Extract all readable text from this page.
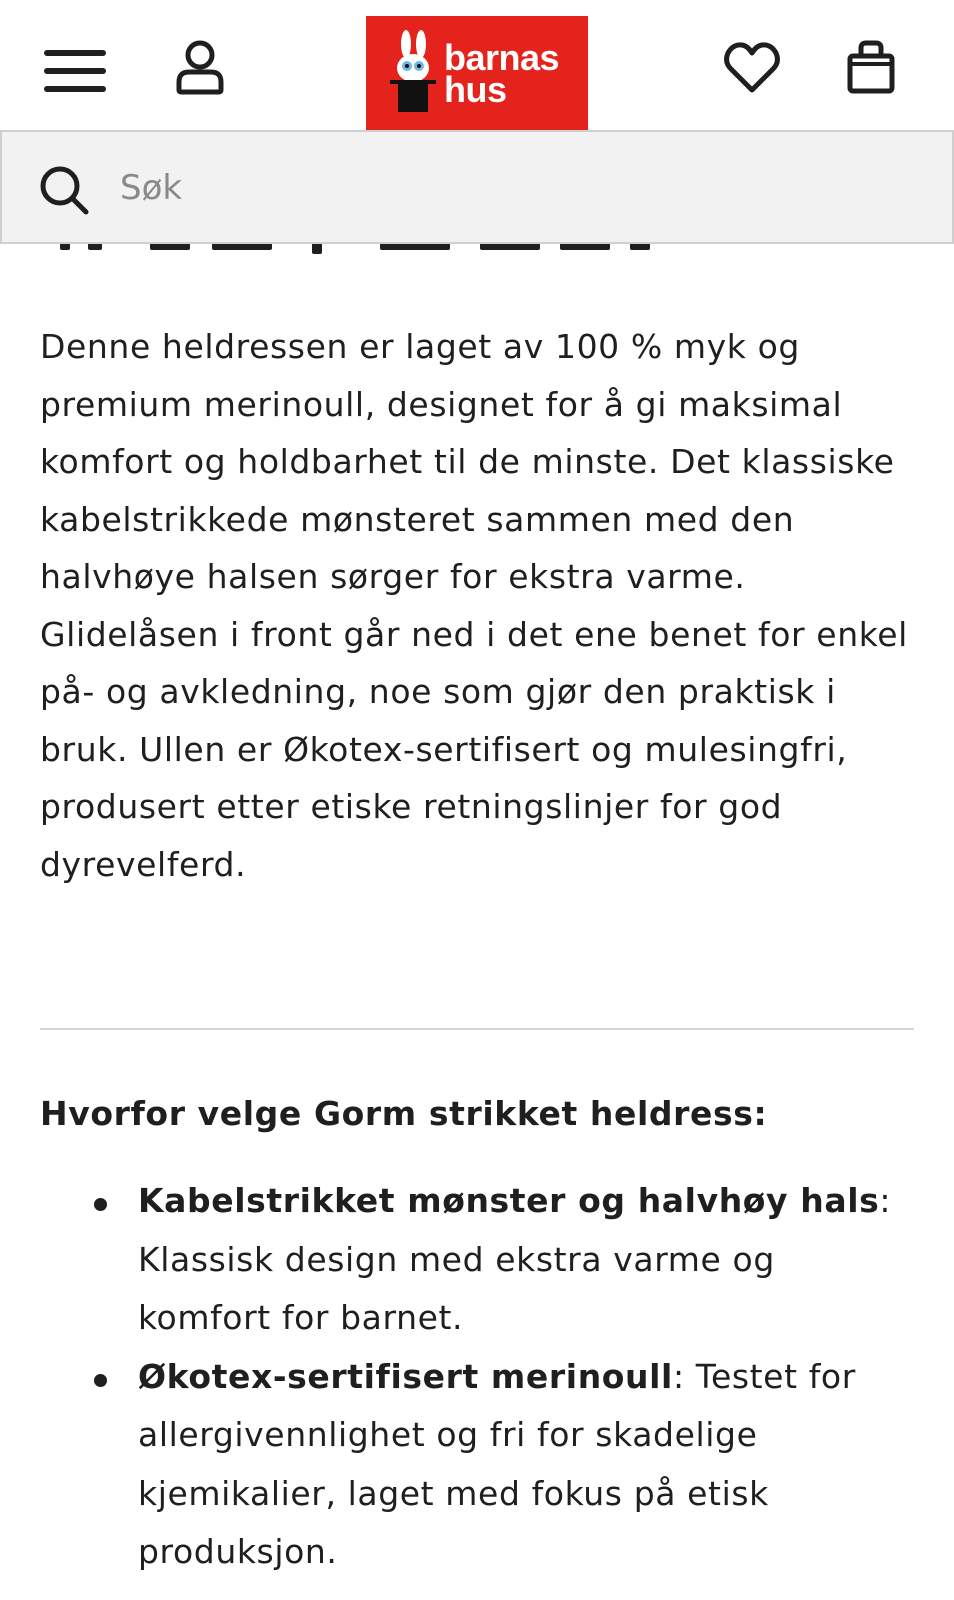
barnas
hus
Søk

Denne heldressen er laget av 100 % myk og premium merinoull, designet for å gi maksimal komfort og holdbarhet til de minste. Det klassiske kabelstrikkede mønsteret sammen med den halvhøye halsen sørger for ekstra varme. Glidelåsen i front går ned i det ene benet for enkel på- og avkledning, noe som gjør den praktisk i bruk. Ullen er Økotex-sertifisert og mulesingfri, produsert etter etiske retningslinjer for god dyrevelferd.

Hvorfor velge Gorm strikket heldress:
Kabelstrikket mønster og halvhøy hals: Klassisk design med ekstra varme og komfort for barnet.
Økotex-sertifisert merinoull: Testet for allergivennlighet og fri for skadelige kjemikalier, laget med fokus på etisk produksjon.
